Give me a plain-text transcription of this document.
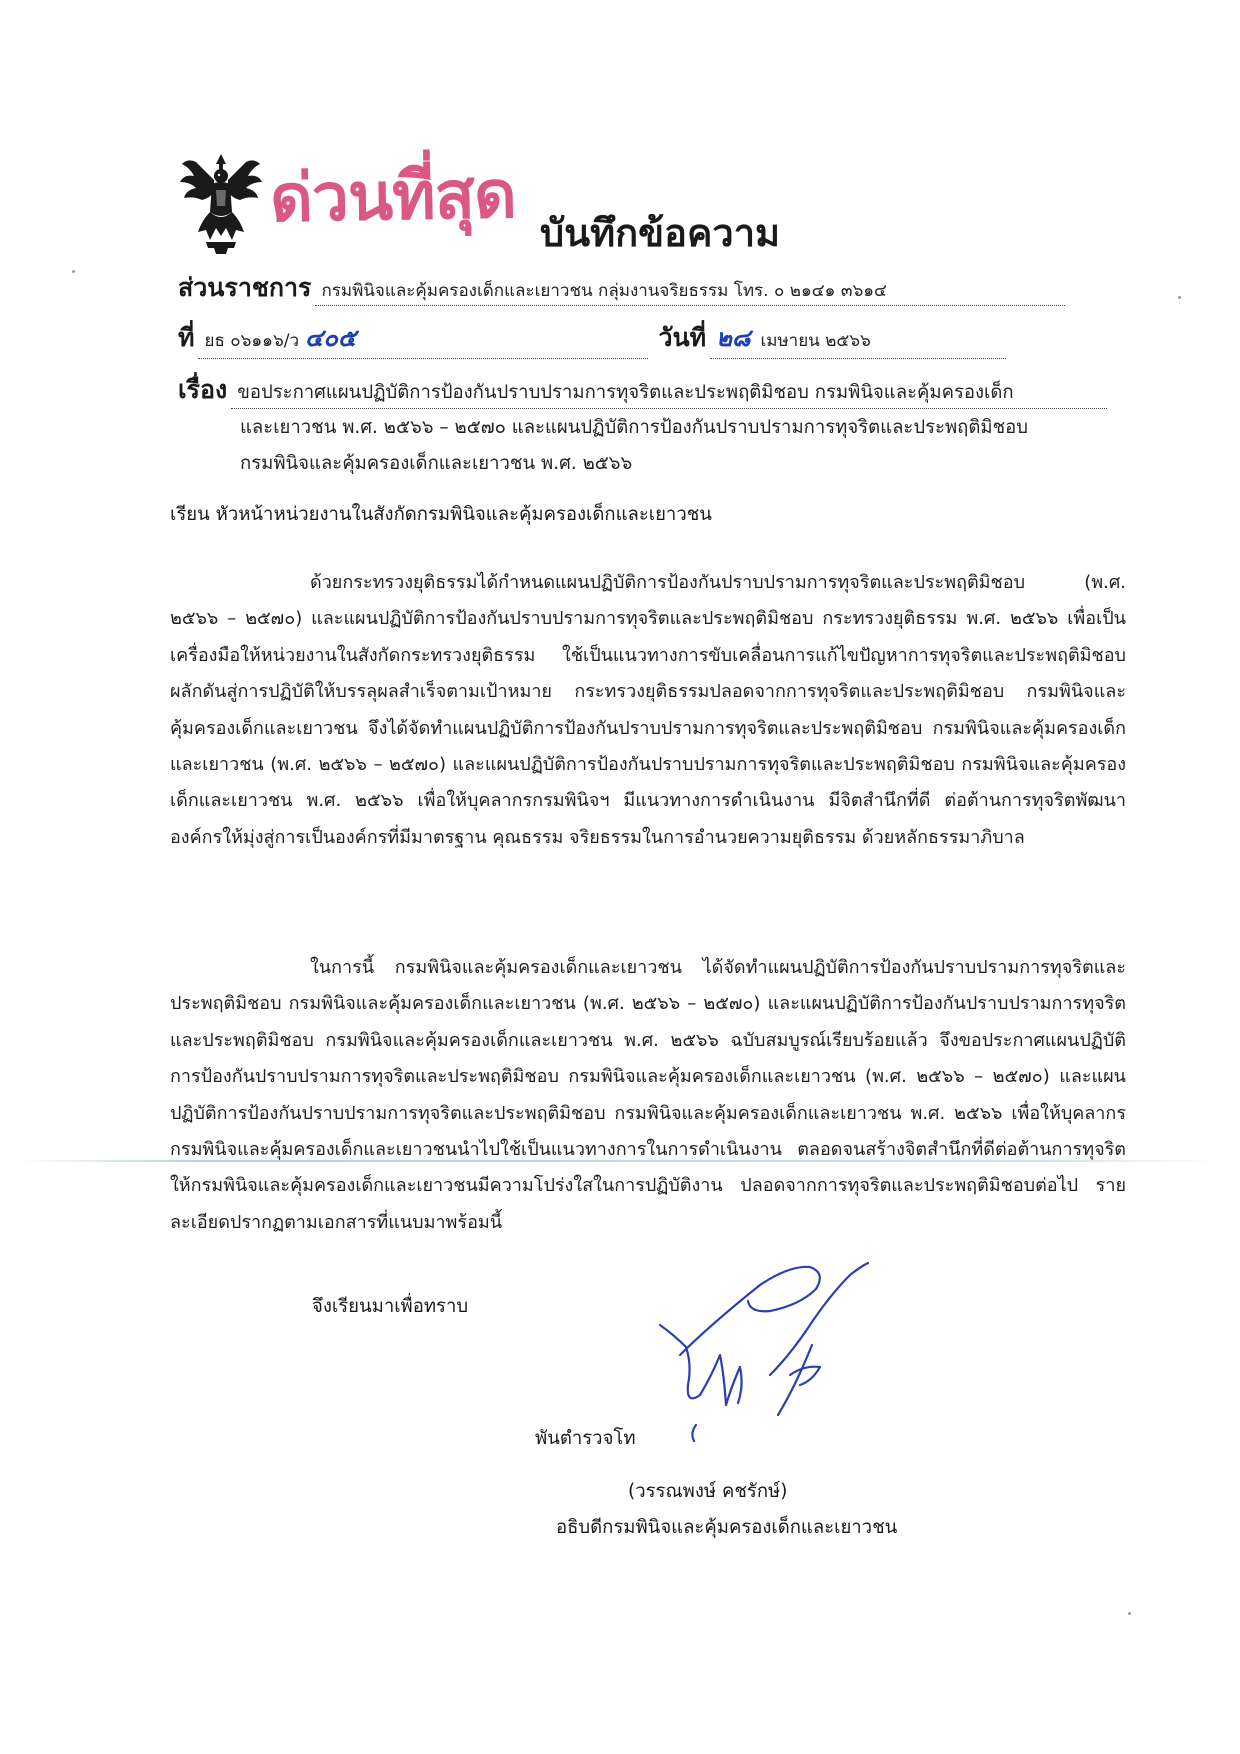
ด่วนที่สุด บันทึกข้อความ
ส่วนราชการ กรมพินิจและคุ้มครองเด็กและเยาวชน กลุ่มงานจริยธรรม โทร. ๐ ๒๑๔๑ ๓๖๑๔
ที่ ยธ ๐๖๑๑๖/ว ๔๐๕	วันที่ ๒๘ เมษายน ๒๕๖๖
เรื่อง ขอประกาศแผนปฏิบัติการป้องกันปราบปรามการทุจริตและประพฤติมิชอบ กรมพินิจและคุ้มครองเด็ก
และเยาวชน พ.ศ. ๒๕๖๖ – ๒๕๗๐ และแผนปฏิบัติการป้องกันปราบปรามการทุจริตและประพฤติมิชอบ
กรมพินิจและคุ้มครองเด็กและเยาวชน พ.ศ. ๒๕๖๖
เรียน หัวหน้าหน่วยงานในสังกัดกรมพินิจและคุ้มครองเด็กและเยาวชน

ด้วยกระทรวงยุติธรรมได้กำหนดแผนปฏิบัติการป้องกันปราบปรามการทุจริตและประพฤติมิชอบ (พ.ศ. ๒๕๖๖ – ๒๕๗๐) และแผนปฏิบัติการป้องกันปราบปรามการทุจริตและประพฤติมิชอบ กระทรวงยุติธรรม พ.ศ. ๒๕๖๖ เพื่อเป็นเครื่องมือให้หน่วยงานในสังกัดกระทรวงยุติธรรม ใช้เป็นแนวทางการขับเคลื่อนการแก้ไขปัญหาการทุจริตและประพฤติมิชอบ ผลักดันสู่การปฏิบัติให้บรรลุผลสำเร็จตามเป้าหมาย กระทรวงยุติธรรมปลอดจากการทุจริตและประพฤติมิชอบ กรมพินิจและคุ้มครองเด็กและเยาวชน จึงได้จัดทำแผนปฏิบัติการป้องกันปราบปรามการทุจริตและประพฤติมิชอบ กรมพินิจและคุ้มครองเด็กและเยาวชน (พ.ศ. ๒๕๖๖ – ๒๕๗๐) และแผนปฏิบัติการป้องกันปราบปรามการทุจริตและประพฤติมิชอบ กรมพินิจและคุ้มครองเด็กและเยาวชน พ.ศ. ๒๕๖๖ เพื่อให้บุคลากรกรมพินิจฯ มีแนวทางการดำเนินงาน มีจิตสำนึกที่ดี ต่อต้านการทุจริตพัฒนาองค์กรให้มุ่งสู่การเป็นองค์กรที่มีมาตรฐาน คุณธรรม จริยธรรมในการอำนวยความยุติธรรม ด้วยหลักธรรมาภิบาล

ในการนี้ กรมพินิจและคุ้มครองเด็กและเยาวชน ได้จัดทำแผนปฏิบัติการป้องกันปราบปรามการทุจริตและประพฤติมิชอบ กรมพินิจและคุ้มครองเด็กและเยาวชน (พ.ศ. ๒๕๖๖ – ๒๕๗๐) และแผนปฏิบัติการป้องกันปราบปรามการทุจริตและประพฤติมิชอบ กรมพินิจและคุ้มครองเด็กและเยาวชน พ.ศ. ๒๕๖๖ ฉบับสมบูรณ์เรียบร้อยแล้ว จึงขอประกาศแผนปฏิบัติการป้องกันปราบปรามการทุจริตและประพฤติมิชอบ กรมพินิจและคุ้มครองเด็กและเยาวชน (พ.ศ. ๒๕๖๖ – ๒๕๗๐) และแผนปฏิบัติการป้องกันปราบปรามการทุจริตและประพฤติมิชอบ กรมพินิจและคุ้มครองเด็กและเยาวชน พ.ศ. ๒๕๖๖ เพื่อให้บุคลากรกรมพินิจและคุ้มครองเด็กและเยาวชนนำไปใช้เป็นแนวทางการในการดำเนินงาน ตลอดจนสร้างจิตสำนึกที่ดีต่อต้านการทุจริต ให้กรมพินิจและคุ้มครองเด็กและเยาวชนมีความโปร่งใสในการปฏิบัติงาน ปลอดจากการทุจริตและประพฤติมิชอบต่อไป รายละเอียดปรากฏตามเอกสารที่แนบมาพร้อมนี้

จึงเรียนมาเพื่อทราบ
พันตำรวจโท
(วรรณพงษ์ คชรักษ์)
อธิบดีกรมพินิจและคุ้มครองเด็กและเยาวชน
